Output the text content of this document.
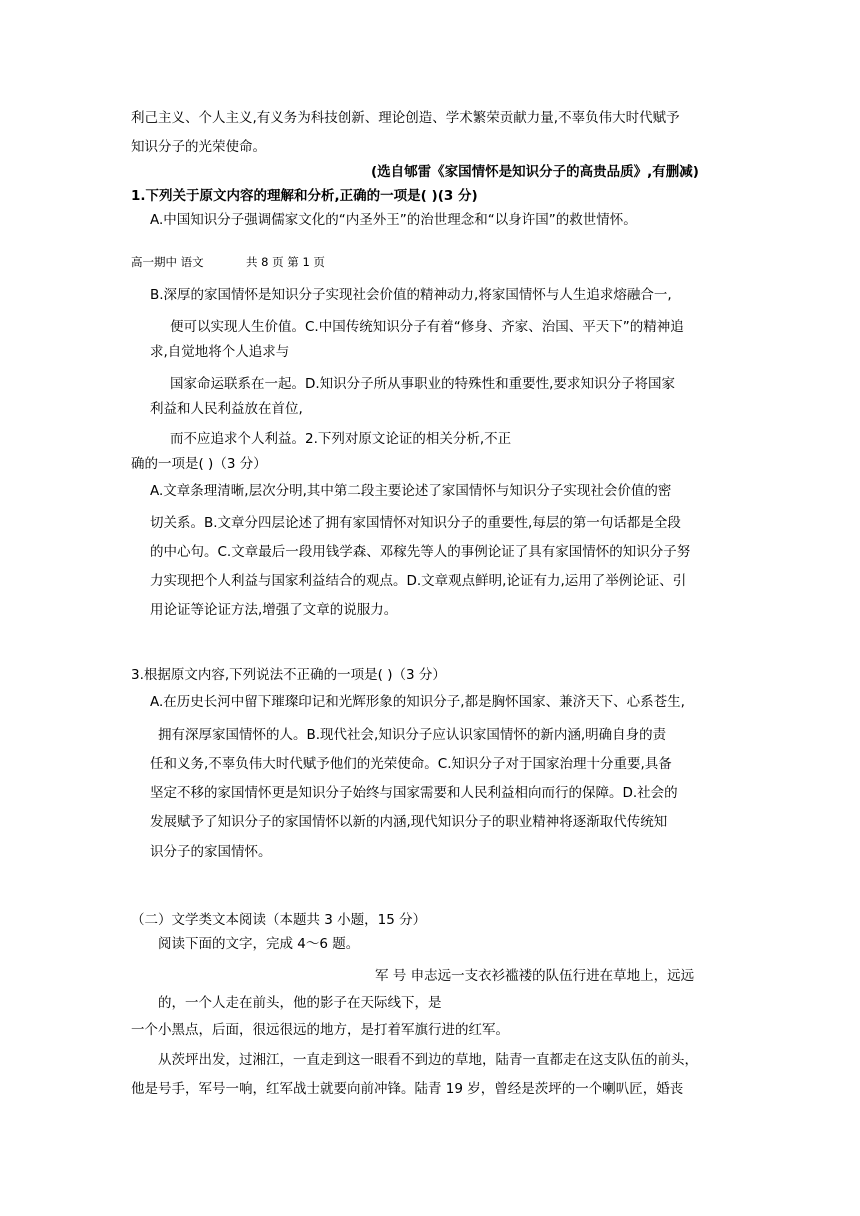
利己主义、个人主义,有义务为科技创新、理论创造、学术繁荣贡献力量,不辜负伟大时代赋予
知识分子的光荣使命。
(选自郇雷《家国情怀是知识分子的高贵品质》,有删减)
1.下列关于原文内容的理解和分析,正确的一项是( )(3 分)
A.中国知识分子强调儒家文化的“内圣外王”的治世理念和“以身许国”的救世情怀。
高一期中 语文	共 8 页 第 1 页
B.深厚的家国情怀是知识分子实现社会价值的精神动力,将家国情怀与人生追求熔融合一,
便可以实现人生价值。C.中国传统知识分子有着“修身、齐家、治国、平天下”的精神追
求,自觉地将个人追求与
国家命运联系在一起。D.知识分子所从事职业的特殊性和重要性,要求知识分子将国家
利益和人民利益放在首位,
而不应追求个人利益。2.下列对原文论证的相关分析,不正
确的一项是( )（3 分）
A.文章条理清晰,层次分明,其中第二段主要论述了家国情怀与知识分子实现社会价值的密
切关系。B.文章分四层论述了拥有家国情怀对知识分子的重要性,每层的第一句话都是全段
的中心句。C.文章最后一段用钱学森、邓稼先等人的事例论证了具有家国情怀的知识分子努
力实现把个人利益与国家利益结合的观点。D.文章观点鲜明,论证有力,运用了举例论证、引
用论证等论证方法,增强了文章的说服力。
3.根据原文内容,下列说法不正确的一项是( )（3 分）
A.在历史长河中留下璀璨印记和光辉形象的知识分子,都是胸怀国家、兼济天下、心系苍生,
拥有深厚家国情怀的人。B.现代社会,知识分子应认识家国情怀的新内涵,明确自身的责
任和义务,不辜负伟大时代赋予他们的光荣使命。C.知识分子对于国家治理十分重要,具备
坚定不移的家国情怀更是知识分子始终与国家需要和人民利益相向而行的保障。D.社会的
发展赋予了知识分子的家国情怀以新的内涵,现代知识分子的职业精神将逐渐取代传统知
识分子的家国情怀。
（二）文学类文本阅读（本题共 3 小题，15 分）
阅读下面的文字，完成 4～6 题。
军 号 申志远一支衣衫褴褛的队伍行进在草地上，远远
的，一个人走在前头，他的影子在天际线下，是
一个小黑点，后面，很远很远的地方，是打着军旗行进的红军。
从茨坪出发，过湘江，一直走到这一眼看不到边的草地，陆青一直都走在这支队伍的前头，
他是号手，军号一响，红军战士就要向前冲锋。陆青 19 岁，曾经是茨坪的一个喇叭匠，婚丧
